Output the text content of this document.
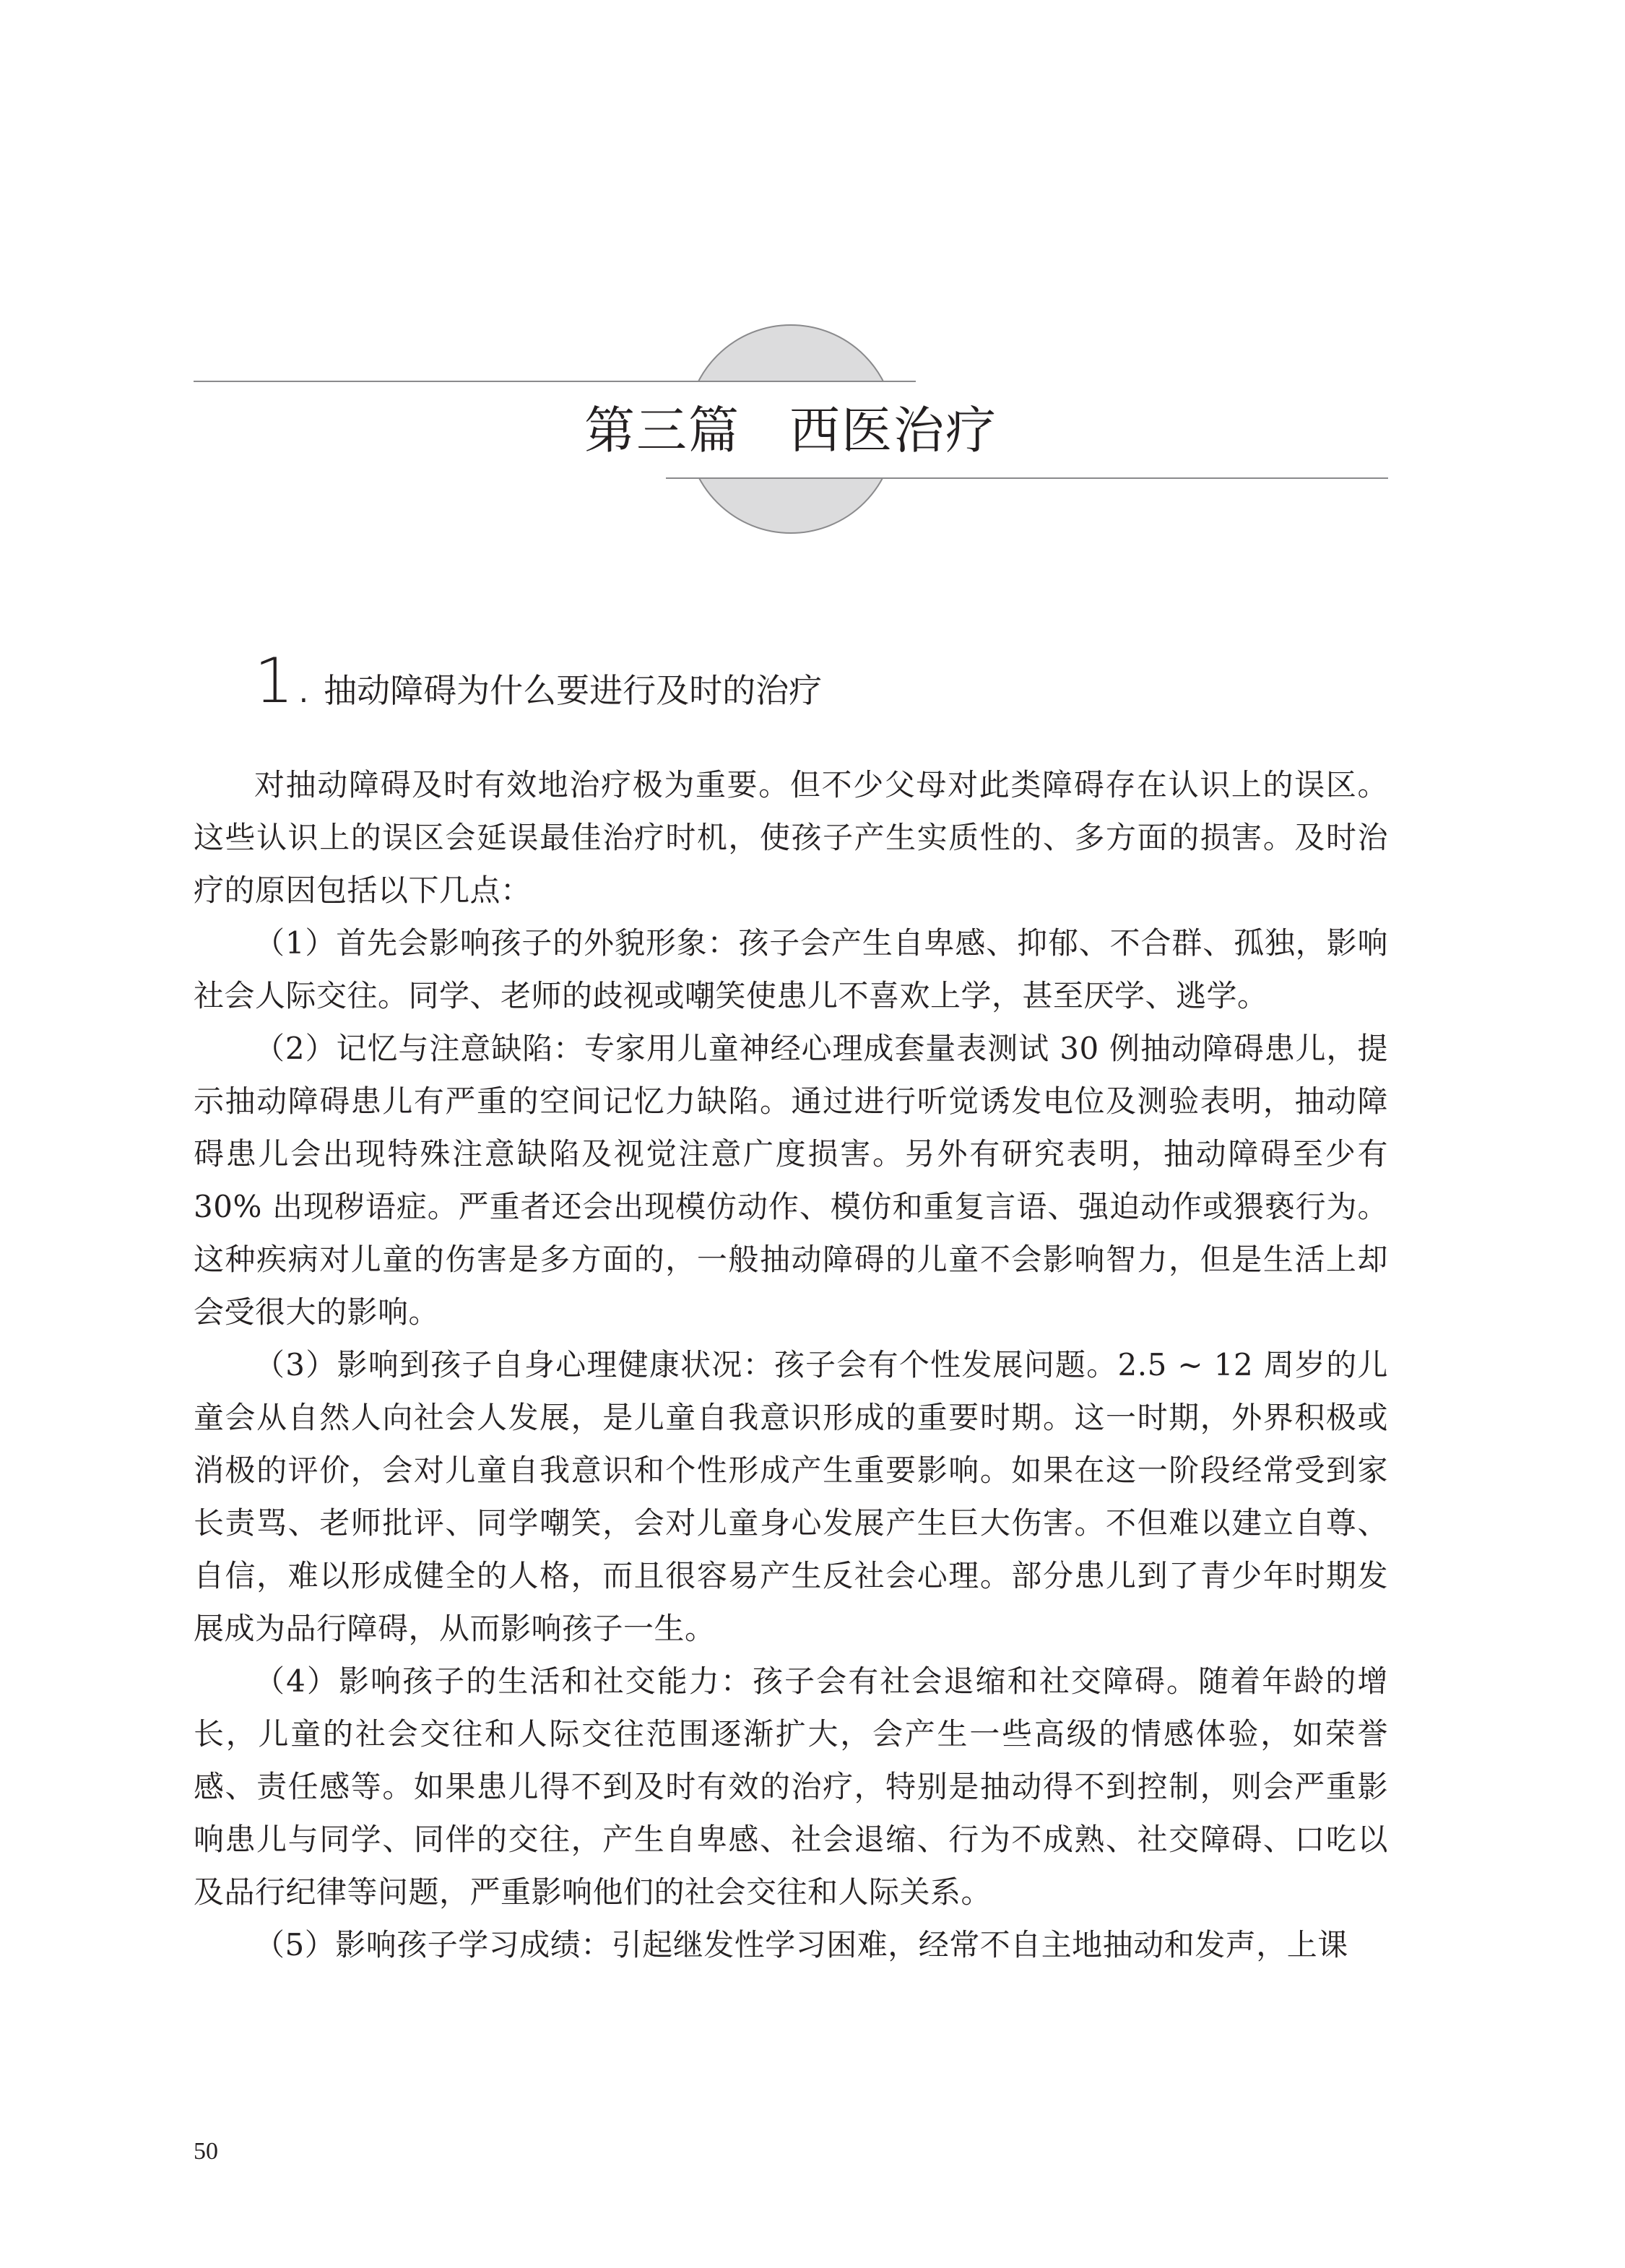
第三篇 西医治疗
1. 抽动障碍为什么要进行及时的治疗

对抽动障碍及时有效地治疗极为重要。但不少父母对此类障碍存在认识上的误区。这些认识上的误区会延误最佳治疗时机，使孩子产生实质性的、多方面的损害。及时治疗的原因包括以下几点：

（1）首先会影响孩子的外貌形象：孩子会产生自卑感、抑郁、不合群、孤独，影响社会人际交往。同学、老师的歧视或嘲笑使患儿不喜欢上学，甚至厌学、逃学。

（2）记忆与注意缺陷：专家用儿童神经心理成套量表测试 30 例抽动障碍患儿，提示抽动障碍患儿有严重的空间记忆力缺陷。通过进行听觉诱发电位及测验表明，抽动障碍患儿会出现特殊注意缺陷及视觉注意广度损害。另外有研究表明，抽动障碍至少有 30% 出现秽语症。严重者还会出现模仿动作、模仿和重复言语、强迫动作或猥亵行为。这种疾病对儿童的伤害是多方面的，一般抽动障碍的儿童不会影响智力，但是生活上却会受很大的影响。

（3）影响到孩子自身心理健康状况：孩子会有个性发展问题。2.5 ~ 12 周岁的儿童会从自然人向社会人发展，是儿童自我意识形成的重要时期。这一时期，外界积极或消极的评价，会对儿童自我意识和个性形成产生重要影响。如果在这一阶段经常受到家长责骂、老师批评、同学嘲笑，会对儿童身心发展产生巨大伤害。不但难以建立自尊、自信，难以形成健全的人格，而且很容易产生反社会心理。部分患儿到了青少年时期发展成为品行障碍，从而影响孩子一生。

（4）影响孩子的生活和社交能力：孩子会有社会退缩和社交障碍。随着年龄的增长，儿童的社会交往和人际交往范围逐渐扩大，会产生一些高级的情感体验，如荣誉感、责任感等。如果患儿得不到及时有效的治疗，特别是抽动得不到控制，则会严重影响患儿与同学、同伴的交往，产生自卑感、社会退缩、行为不成熟、社交障碍、口吃以及品行纪律等问题，严重影响他们的社会交往和人际关系。

（5）影响孩子学习成绩：引起继发性学习困难，经常不自主地抽动和发声，上课

50
